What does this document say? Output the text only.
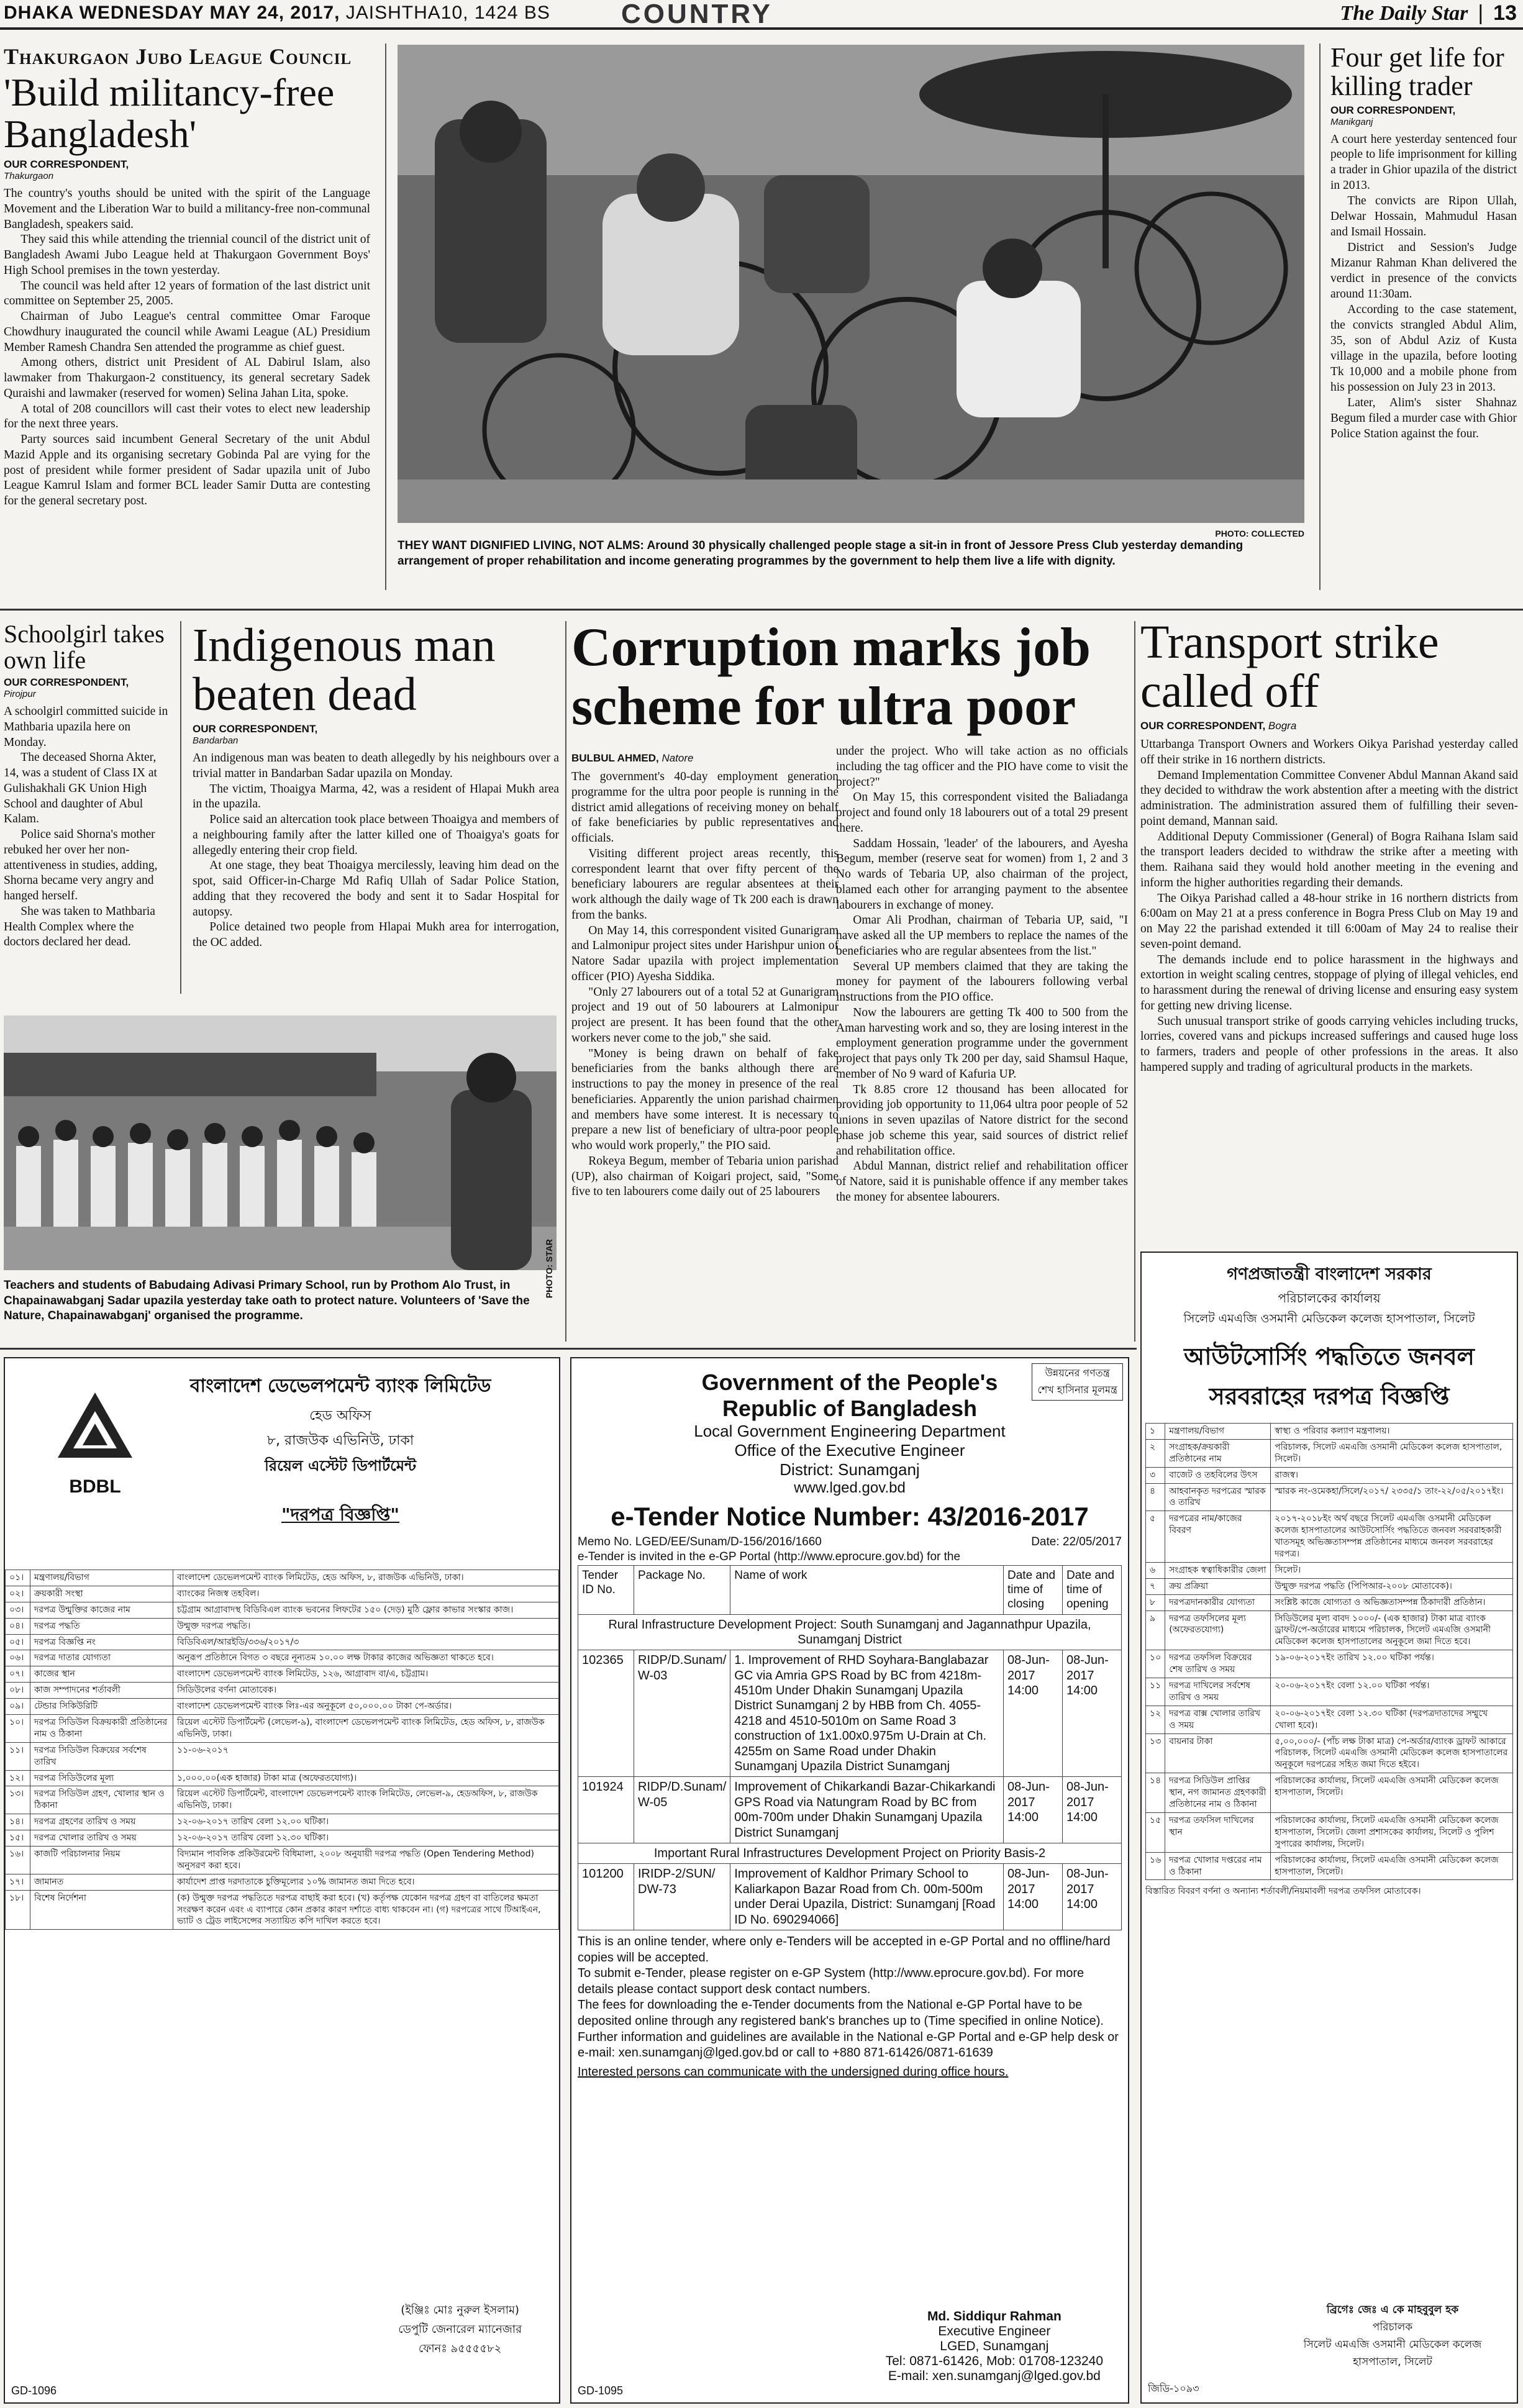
DHAKA WEDNESDAY MAY 24, 2017, JAISHTHA10, 1424 BS	COUNTRY	The Daily Star | 13
Thakurgaon Jubo League Council
'Build militancy-free Bangladesh'
OUR CORRESPONDENT,
Thakurgaon

The country's youths should be united with the spirit of the Language Movement and the Liberation War to build a militancy-free non-communal Bangladesh, speakers said.

They said this while attending the triennial council of the district unit of Bangladesh Awami Jubo League held at Thakurgaon Government Boys' High School premises in the town yesterday.

The council was held after 12 years of formation of the last district unit committee on September 25, 2005.

Chairman of Jubo League's central committee Omar Faroque Chowdhury inaugurated the council while Awami League (AL) Presidium Member Ramesh Chandra Sen attended the programme as chief guest.

Among others, district unit President of AL Dabirul Islam, also lawmaker from Thakurgaon-2 constituency, its general secretary Sadek Quraishi and lawmaker (reserved for women) Selina Jahan Lita, spoke.

A total of 208 councillors will cast their votes to elect new leadership for the next three years.

Party sources said incumbent General Secretary of the unit Abdul Mazid Apple and its organising secretary Gobinda Pal are vying for the post of president while former president of Sadar upazila unit of Jubo League Kamrul Islam and former BCL leader Samir Dutta are contesting for the general secretary post.

PHOTO: COLLECTED
THEY WANT DIGNIFIED LIVING, NOT ALMS: Around 30 physically challenged people stage a sit-in in front of Jessore Press Club yesterday demanding arrangement of proper rehabilitation and income generating programmes by the government to help them live a life with dignity.
Four get life for killing trader
OUR CORRESPONDENT,
Manikganj

A court here yesterday sentenced four people to life imprisonment for killing a trader in Ghior upazila of the district in 2013.

The convicts are Ripon Ullah, Delwar Hossain, Mahmudul Hasan and Ismail Hossain.

District and Session's Judge Mizanur Rahman Khan delivered the verdict in presence of the convicts around 11:30am.

According to the case statement, the convicts strangled Abdul Alim, 35, son of Abdul Aziz of Kusta village in the upazila, before looting Tk 10,000 and a mobile phone from his possession on July 23 in 2013.

Later, Alim's sister Shahnaz Begum filed a murder case with Ghior Police Station against the four.

Schoolgirl takes own life
OUR CORRESPONDENT,
Pirojpur

A schoolgirl committed suicide in Mathbaria upazila here on Monday.

The deceased Shorna Akter, 14, was a student of Class IX at Gulishakhali GK Union High School and daughter of Abul Kalam.

Police said Shorna's mother rebuked her over her non-attentiveness in studies, adding, Shorna became very angry and hanged herself.

She was taken to Mathbaria Health Complex where the doctors declared her dead.

Indigenous man beaten dead
OUR CORRESPONDENT,
Bandarban

An indigenous man was beaten to death allegedly by his neighbours over a trivial matter in Bandarban Sadar upazila on Monday.

The victim, Thoaigya Marma, 42, was a resident of Hlapai Mukh area in the upazila.

Police said an altercation took place between Thoaigya and members of a neighbouring family after the latter killed one of Thoaigya's goats for allegedly entering their crop field.

At one stage, they beat Thoaigya mercilessly, leaving him dead on the spot, said Officer-in-Charge Md Rafiq Ullah of Sadar Police Station, adding that they recovered the body and sent it to Sadar Hospital for autopsy.

Police detained two people from Hlapai Mukh area for interrogation, the OC added.

PHOTO: STAR
Teachers and students of Babudaing Adivasi Primary School, run by Prothom Alo Trust, in Chapainawabganj Sadar upazila yesterday take oath to protect nature. Volunteers of 'Save the Nature, Chapainawabganj' organised the programme.
Corruption marks job scheme for ultra poor
BULBUL AHMED, Natore

The government's 40-day employment generation programme for the ultra poor people is running in the district amid allegations of receiving money on behalf of fake beneficiaries by public representatives and officials.

Visiting different project areas recently, this correspondent learnt that over fifty percent of the beneficiary labourers are regular absentees at their work although the daily wage of Tk 200 each is drawn from the banks.

On May 14, this correspondent visited Gunarigram and Lalmonipur project sites under Harishpur union of Natore Sadar upazila with project implementation officer (PIO) Ayesha Siddika.

"Only 27 labourers out of a total 52 at Gunarigram project and 19 out of 50 labourers at Lalmonipur project are present. It has been found that the other workers never come to the job," she said.

"Money is being drawn on behalf of fake beneficiaries from the banks although there are instructions to pay the money in presence of the real beneficiaries. Apparently the union parishad chairmen and members have some interest. It is necessary to prepare a new list of beneficiary of ultra-poor people who would work properly," the PIO said.

Rokeya Begum, member of Tebaria union parishad (UP), also chairman of Koigari project, said, "Some five to ten labourers come daily out of 25 labourers

under the project. Who will take action as no officials including the tag officer and the PIO have come to visit the project?"

On May 15, this correspondent visited the Baliadanga project and found only 18 labourers out of a total 29 present there.

Saddam Hossain, 'leader' of the labourers, and Ayesha Begum, member (reserve seat for women) from 1, 2 and 3 No wards of Tebaria UP, also chairman of the project, blamed each other for arranging payment to the absentee labourers in exchange of money.

Omar Ali Prodhan, chairman of Tebaria UP, said, "I have asked all the UP members to replace the names of the beneficiaries who are regular absentees from the list."

Several UP members claimed that they are taking the money for payment of the labourers following verbal instructions from the PIO office.

Now the labourers are getting Tk 400 to 500 from the Aman harvesting work and so, they are losing interest in the employment generation programme under the government project that pays only Tk 200 per day, said Shamsul Haque, member of No 9 ward of Kafuria UP.

Tk 8.85 crore 12 thousand has been allocated for providing job opportunity to 11,064 ultra poor people of 52 unions in seven upazilas of Natore district for the second phase job scheme this year, said sources of district relief and rehabilitation office.

Abdul Mannan, district relief and rehabilitation officer of Natore, said it is punishable offence if any member takes the money for absentee labourers.

Transport strike called off
OUR CORRESPONDENT, Bogra

Uttarbanga Transport Owners and Workers Oikya Parishad yesterday called off their strike in 16 northern districts.

Demand Implementation Committee Convener Abdul Mannan Akand said they decided to withdraw the work abstention after a meeting with the district administration. The administration assured them of fulfilling their seven-point demand, Mannan said.

Additional Deputy Commissioner (General) of Bogra Raihana Islam said the transport leaders decided to withdraw the strike after a meeting with them. Raihana said they would hold another meeting in the evening and inform the higher authorities regarding their demands.

The Oikya Parishad called a 48-hour strike in 16 northern districts from 6:00am on May 21 at a press conference in Bogra Press Club on May 19 and on May 22 the parishad extended it till 6:00am of May 24 to realise their seven-point demand.

The demands include end to police harassment in the highways and extortion in weight scaling centres, stoppage of plying of illegal vehicles, end to harassment during the renewal of driving license and ensuring easy system for getting new driving license.

Such unusual transport strike of goods carrying vehicles including trucks, lorries, covered vans and pickups increased sufferings and caused huge loss to farmers, traders and people of other professions in the areas. It also hampered supply and trading of agricultural products in the markets.

BDBL
বাংলাদেশ ডেভেলপমেন্ট ব্যাংক লিমিটেড
হেড অফিস
৮, রাজউক এভিনিউ, ঢাকা
রিয়েল এস্টেট ডিপার্টমেন্ট
"দরপত্র বিজ্ঞপ্তি"
০১।	মন্ত্রণালয়/বিভাগ	বাংলাদেশ ডেভেলপমেন্ট ব্যাংক লিমিটেড, হেড অফিস, ৮, রাজউক এভিনিউ, ঢাকা।
০২।	ক্রয়কারী সংস্থা	ব্যাংকের নিজস্ব তহবিল।
০৩।	দরপত্র উন্মুক্তির কাজের নাম	চট্টগ্রাম আগ্রাবাদস্থ বিডিবিএল ব্যাংক ভবনের লিফটের ১৫০ (দেড়) মুঠি ফ্লোর কাভার সংস্কার কাজ।
০৪।	দরপত্র পদ্ধতি	উন্মুক্ত দরপত্র পদ্ধতি।
০৫।	দরপত্র বিজ্ঞপ্তি নং	বিডিবিএল/আরইডি/৩৩৬/২০১৭/৩
০৬।	দরপত্র দাতার যোগ্যতা	অনুরূপ প্রতিষ্ঠানে বিগত ৩ বছরে নূন্যতম ১০.০০ লক্ষ টাকার কাজের অভিজ্ঞতা থাকতে হবে।
০৭।	কাজের স্থান	বাংলাদেশ ডেভেলপমেন্ট ব্যাংক লিমিটেড, ১২৬, আগ্রাবাদ বা/এ, চট্টগ্রাম।
০৮।	কাজ সম্পাদনের শর্তাবলী	সিডিউলের বর্ণনা মোতাবেক।
০৯।	টেন্ডার সিকিউরিটি	বাংলাদেশ ডেভেলপমেন্ট ব্যাংক লিঃ-এর অনুকূলে ৫০,০০০.০০ টাকা পে-অর্ডার।
১০।	দরপত্র সিডিউল বিক্রয়কারী প্রতিষ্ঠানের নাম ও ঠিকানা	রিয়েল এস্টেট ডিপার্টমেন্ট (লেভেল-৯), বাংলাদেশ ডেভেলপমেন্ট ব্যাংক লিমিটেড, হেড অফিস, ৮, রাজউক এভিনিউ, ঢাকা।
১১।	দরপত্র সিডিউল বিক্রয়ের সর্বশেষ তারিখ	১১-০৬-২০১৭
১২।	দরপত্র সিডিউলের মূল্য	১,০০০.০০(এক হাজার) টাকা মাত্র (অফেরতযোগ্য)।
১৩।	দরপত্র সিডিউল গ্রহণ, খোলার স্থান ও ঠিকানা	রিয়েল এস্টেট ডিপার্টমেন্ট, বাংলাদেশ ডেভেলপমেন্ট ব্যাংক লিমিটেড, লেভেল-৯, হেডঅফিস, ৮, রাজউক এভিনিউ, ঢাকা।
১৪।	দরপত্র গ্রহণের তারিখ ও সময়	১২-০৬-২০১৭ তারিখ বেলা ১২.০০ ঘটিকা।
১৫।	দরপত্র খোলার তারিখ ও সময়	১২-০৬-২০১৭ তারিখ বেলা ১২.৩০ ঘটিকা।
১৬।	কাজটি পরিচালনার নিয়ম	বিদ্যমান পাবলিক প্রকিউরমেন্ট বিধিমালা, ২০০৮ অনুযায়ী দরপত্র পদ্ধতি (Open Tendering Method) অনুসরণ করা হবে।
১৭।	জামানত	কার্যাদেশ প্রাপ্ত দরদাতাকে চুক্তিমূল্যের ১০% জামানত জমা দিতে হবে।
১৮।	বিশেষ নির্দেশনা	(ক) উন্মুক্ত দরপত্র পদ্ধতিতে দরপত্র বাছাই করা হবে। (খ) কর্তৃপক্ষ যেকোন দরপত্র গ্রহণ বা বাতিলের ক্ষমতা সংরক্ষণ করেন এবং এ ব্যাপারে কোন প্রকার কারণ দর্শাতে বাধ্য থাকবেন না। (গ) দরপত্রের সাথে টিআইএন, ভ্যাট ও ট্রেড লাইসেন্সের সত্যায়িত কপি দাখিল করতে হবে।
(ইঞ্জিঃ মোঃ নুরুল ইসলাম)
ডেপুটি জেনারেল ম্যানেজার
ফোনঃ ৯৫৫৫৫৮২
GD-1096
উন্নয়নের গণতন্ত্র
শেখ হাসিনার মূলমন্ত্র
Government of the People's
Republic of Bangladesh
Local Government Engineering Department
Office of the Executive Engineer
District: Sunamganj
www.lged.gov.bd
e-Tender Notice Number: 43/2016-2017
Memo No. LGED/EE/Sunam/D-156/2016/1660	Date: 22/05/2017
e-Tender is invited in the e-GP Portal (http://www.eprocure.gov.bd) for the
Tender ID No.	Package No.	Name of work	Date and time of closing	Date and time of opening
Rural Infrastructure Development Project: South Sunamganj and Jagannathpur Upazila, Sunamganj District				
102365	RIDP/D.Sunam/ W-03	1. Improvement of RHD Soyhara-Banglabazar GC via Amria GPS Road by BC from 4218m-4510m Under Dhakin Sunamganj Upazila District Sunamganj 2 by HBB from Ch. 4055-4218 and 4510-5010m on Same Road 3 construction of 1x1.00x0.975m U-Drain at Ch. 4255m on Same Road under Dhakin Sunamganj Upazila District Sunamganj	08-Jun-2017 14:00	08-Jun-2017 14:00
101924	RIDP/D.Sunam/ W-05	Improvement of Chikarkandi Bazar-Chikarkandi GPS Road via Natungram Road by BC from 00m-700m under Dhakin Sunamganj Upazila District Sunamganj	08-Jun-2017 14:00	08-Jun-2017 14:00
Important Rural Infrastructures Development Project on Priority Basis-2				
101200	IRIDP-2/SUN/ DW-73	Improvement of Kaldhor Primary School to Kaliarkapon Bazar Road from Ch. 00m-500m under Derai Upazila, District: Sunamganj [Road ID No. 690294066]	08-Jun-2017 14:00	08-Jun-2017 14:00
This is an online tender, where only e-Tenders will be accepted in e-GP Portal and no offline/hard copies will be accepted.
To submit e-Tender, please register on e-GP System (http://www.eprocure.gov.bd). For more details please contact support desk contact numbers.
The fees for downloading the e-Tender documents from the National e-GP Portal have to be deposited online through any registered bank's branches up to (Time specified in online Notice).
Further information and guidelines are available in the National e-GP Portal and e-GP help desk or e-mail: xen.sunamganj@lged.gov.bd or call to +880 871-61426/0871-61639
Interested persons can communicate with the undersigned during office hours.
Md. Siddiqur Rahman
Executive Engineer
LGED, Sunamganj
Tel: 0871-61426, Mob: 01708-123240
E-mail: xen.sunamganj@lged.gov.bd
GD-1095
গণপ্রজাতন্ত্রী বাংলাদেশ সরকার
পরিচালকের কার্যালয়
সিলেট এমএজি ওসমানী মেডিকেল কলেজ হাসপাতাল, সিলেট
আউটসোর্সিং পদ্ধতিতে জনবল
সরবরাহের দরপত্র বিজ্ঞপ্তি
১	মন্ত্রণালয়/বিভাগ	স্বাস্থ্য ও পরিবার কল্যাণ মন্ত্রণালয়।
২	সংগ্রাহক/ক্রয়কারী প্রতিষ্ঠানের নাম	পরিচালক, সিলেট এমএজি ওসমানী মেডিকেল কলেজ হাসপাতাল, সিলেট।
৩	বাজেট ও তহবিলের উৎস	রাজস্ব।
৪	আহবানকৃত দরপত্রের স্মারক ও তারিখ	স্মারক নং-ওমেকহা/সিলে/২০১৭/ ২৩৩৫/১ তাং-২২/০৫/২০১৭ইং।
৫	দরপত্রের নাম/কাজের বিবরণ	২০১৭-২০১৮ইং অর্থ বছরে সিলেট এমএজি ওসমানী মেডিকেল কলেজ হাসপাতালের আউটসোর্সিং পদ্ধতিতে জনবল সরবরাহকারী খাতসমূহ অভিজ্ঞতাসম্পন্ন প্রতিষ্ঠানের মাধ্যমে জনবল সরবরাহের দরপত্র।
৬	সংগ্রাহক স্বত্বাধিকারীর জেলা	সিলেট।
৭	ক্রয় প্রক্রিয়া	উন্মুক্ত দরপত্র পদ্ধতি (পিপিআর-২০০৮ মোতাবেক)।
৮	দরপত্রদানকারীর যোগ্যতা	সংশ্লিষ্ট কাজে যোগ্যতা ও অভিজ্ঞতাসম্পন্ন ঠিকাদারী প্রতিষ্ঠান।
৯	দরপত্র তফসিলের মূল্য (অফেরতযোগ্য)	সিডিউলের মূল্য বাবদ ১০০০/- (এক হাজার) টাকা মাত্র ব্যাংক ড্রাফট/পে-অর্ডারের মাধ্যমে পরিচালক, সিলেট এমএজি ওসমানী মেডিকেল কলেজ হাসপাতালের অনুকূলে জমা দিতে হবে।
১০	দরপত্র তফসিল বিক্রয়ের শেষ তারিখ ও সময়	১৯-০৬-২০১৭ইং তারিখ ১২.০০ ঘটিকা পর্যন্ত।
১১	দরপত্র দাখিলের সর্বশেষ তারিখ ও সময়	২০-০৬-২০১৭ইং বেলা ১২.০০ ঘটিকা পর্যন্ত।
১২	দরপত্র বাক্স খোলার তারিখ ও সময়	২০-০৬-২০১৭ইং বেলা ১২.৩০ ঘটিকা (দরপত্রদাতাদের সম্মুখে খোলা হবে)।
১৩	বায়নার টাকা	৫,০০,০০০/- (পাঁচ লক্ষ টাকা মাত্র) পে-অর্ডার/ব্যাংক ড্রাফট আকারে পরিচালক, সিলেট এমএজি ওসমানী মেডিকেল কলেজ হাসপাতালের অনুকূলে দরপত্রের সহিত জমা দিতে হইবে।
১৪	দরপত্র সিডিউল প্রাপ্তির স্থান, নগ জামানত গ্রহণকারী প্রতিষ্ঠানের নাম ও ঠিকানা	পরিচালকের কার্যালয়, সিলেট এমএজি ওসমানী মেডিকেল কলেজ হাসপাতাল, সিলেট।
১৫	দরপত্র তফসিল দাখিলের স্থান	পরিচালকের কার্যালয়, সিলেট এমএজি ওসমানী মেডিকেল কলেজ হাসপাতাল, সিলেট। জেলা প্রশাসকের কার্যালয়, সিলেট ও পুলিশ সুপারের কার্যালয়, সিলেট।
১৬	দরপত্র খোলার দপ্তরের নাম ও ঠিকানা	পরিচালকের কার্যালয়, সিলেট এমএজি ওসমানী মেডিকেল কলেজ হাসপাতাল, সিলেট।
বিস্তারিত বিবরণ বর্ণনা ও অন্যান্য শর্তাবলী/নিয়মাবলী দরপত্র তফসিল মোতাবেক।
ব্রিগেঃ জেঃ এ কে মাহবুবুল হক
পরিচালক
সিলেট এমএজি ওসমানী মেডিকেল কলেজ হাসপাতাল, সিলেট
জিডি-১০৯৩
